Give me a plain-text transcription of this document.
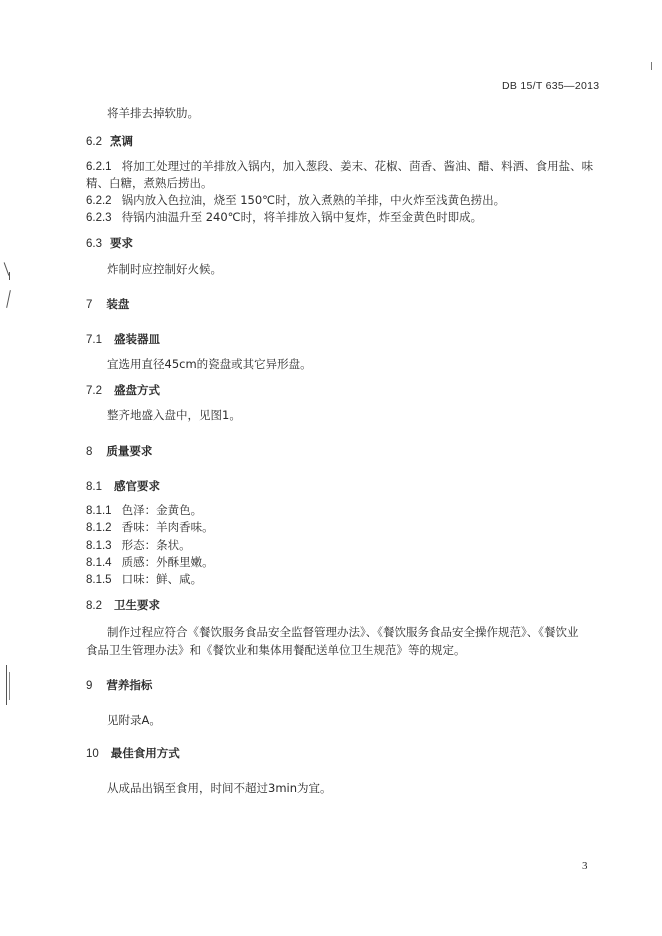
DB 15/T 635—2013
将羊排去掉软肋。
6.2 烹调
6.2.1 将加工处理过的羊排放入锅内，加入葱段、姜末、花椒、茴香、酱油、醋、料酒、食用盐、味
精、白糖，煮熟后捞出。
6.2.2 锅内放入色拉油，烧至 150℃时，放入煮熟的羊排，中火炸至浅黄色捞出。
6.2.3 待锅内油温升至 240℃时，将羊排放入锅中复炸，炸至金黄色时即成。
6.3 要求
炸制时应控制好火候。
7 装盘
7.1 盛装器皿
宜选用直径45cm的瓷盘或其它异形盘。
7.2 盛盘方式
整齐地盛入盘中，见图1。
8 质量要求
8.1 感官要求
8.1.1 色泽：金黄色。
8.1.2 香味：羊肉香味。
8.1.3 形态：条状。
8.1.4 质感：外酥里嫩。
8.1.5 口味：鲜、咸。
8.2 卫生要求
制作过程应符合《餐饮服务食品安全监督管理办法》、《餐饮服务食品安全操作规范》、《餐饮业
食品卫生管理办法》和《餐饮业和集体用餐配送单位卫生规范》等的规定。
9 营养指标
见附录A。
10 最佳食用方式
从成品出锅至食用，时间不超过3min为宜。
3
